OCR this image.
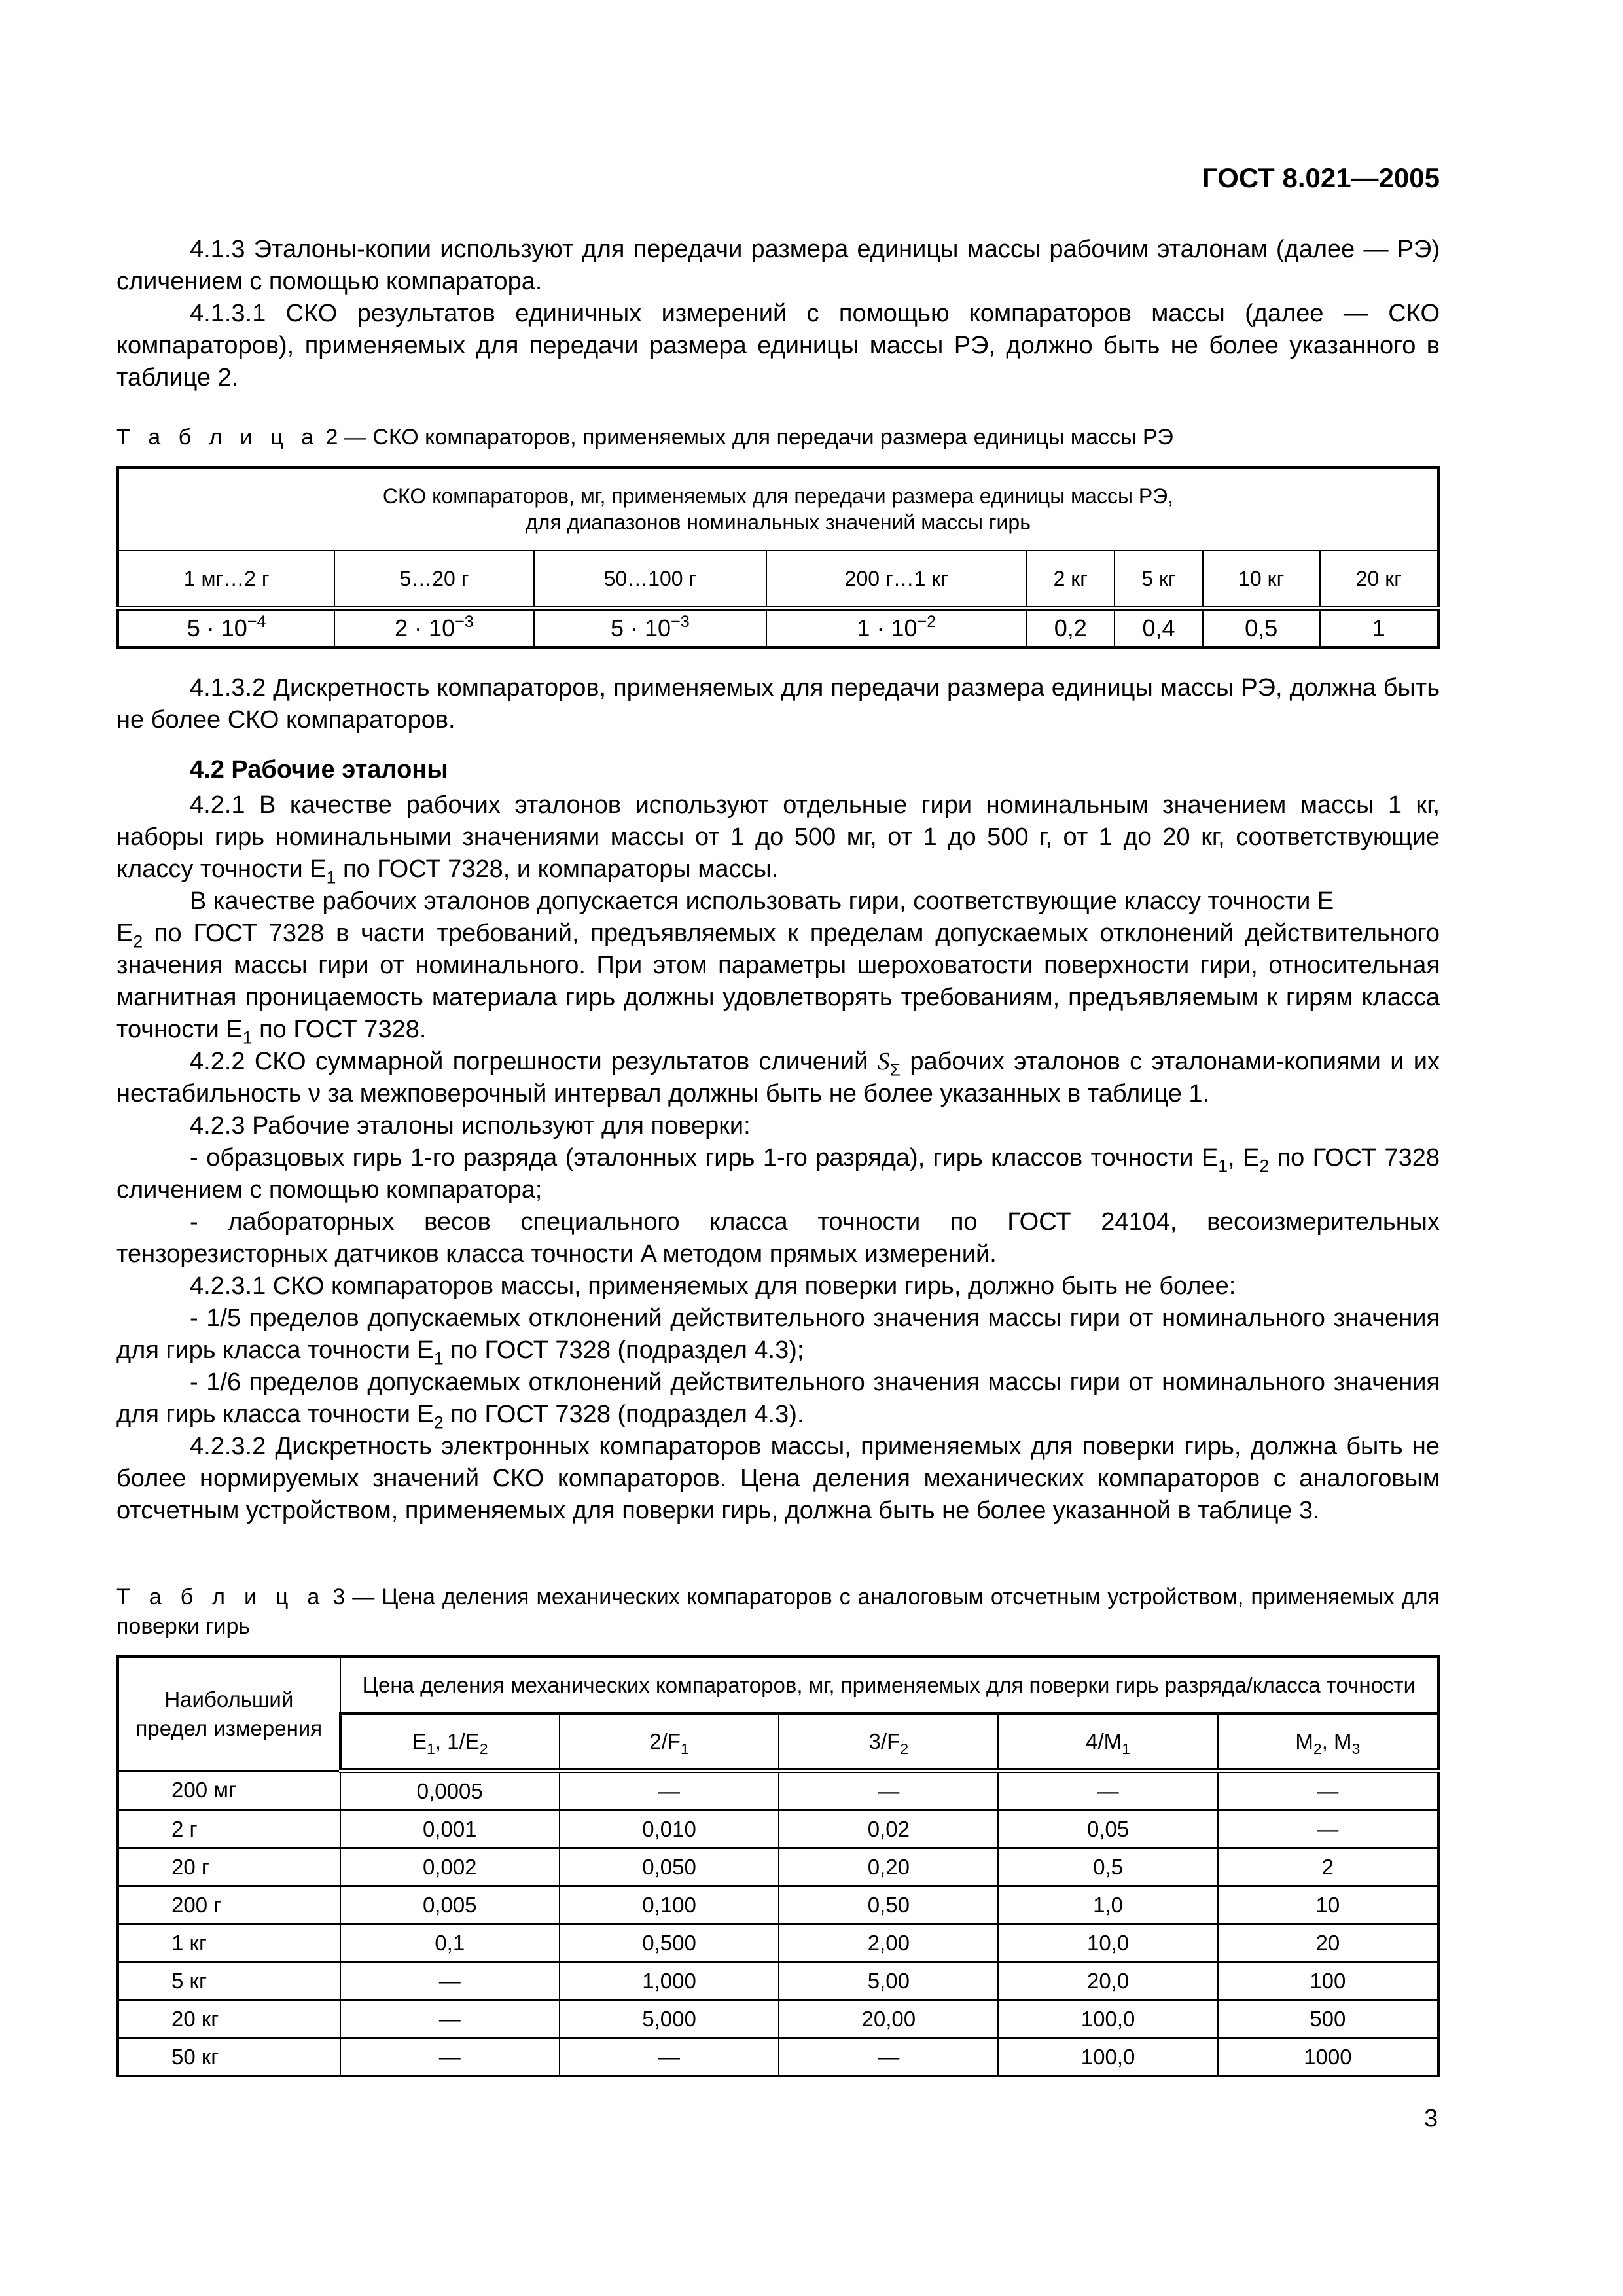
ГОСТ 8.021—2005

4.1.3 Эталоны-копии используют для передачи размера единицы массы рабочим эталонам (далее — РЭ) сличением с помощью компаратора.

4.1.3.1 СКО результатов единичных измерений с помощью компараторов массы (далее — СКО компараторов), применяемых для передачи размера единицы массы РЭ, должно быть не более указанного в таблице 2.

Т а б л и ц а 2 — СКО компараторов, применяемых для передачи размера единицы массы РЭ
СКО компараторов, мг, применяемых для передачи размера единицы массы РЭ,
для диапазонов номинальных значений массы гирь							

1 мг…2 г	5…20 г	50…100 г	200 г…1 кг	2 кг	5 кг	10 кг	20 кг
$5 \cdot 10^{-4}$	$2 \cdot 10^{-3}$	$5 \cdot 10^{-3}$	$1 \cdot 10^{-2}$	0,2	0,4	0,5	1

4.1.3.2 Дискретность компараторов, применяемых для передачи размера единицы массы РЭ, должна быть не более СКО компараторов.

4.2 Рабочие эталоны

4.2.1 В качестве рабочих эталонов используют отдельные гири номинальным значением массы 1 кг, наборы гирь номинальными значениями массы от 1 до 500 мг, от 1 до 500 г, от 1 до 20 кг, соответствующие классу точности $E_1$ по ГОСТ 7328, и компараторы массы.

В качестве рабочих эталонов допускается использовать гири, соответствующие классу точности E
$E_2$ по ГОСТ 7328 в части требований, предъявляемых к пределам допускаемых отклонений действительного значения массы гири от номинального. При этом параметры шероховатости поверхности гири, относительная магнитная проницаемость материала гирь должны удовлетворять требованиям, предъявляемым к гирям класса точности $E_1$ по ГОСТ 7328.

4.2.2 СКО суммарной погрешности результатов сличений $S_\Sigma$ рабочих эталонов с эталонами-копиями и их нестабильность ν за межповерочный интервал должны быть не более указанных в таблице 1.

4.2.3 Рабочие эталоны используют для поверки:

- образцовых гирь 1-го разряда (эталонных гирь 1-го разряда), гирь классов точности $E_1$, $E_2$ по ГОСТ 7328 сличением с помощью компаратора;

- лабораторных весов специального класса точности по ГОСТ 24104, весоизмерительных тензорезисторных датчиков класса точности A методом прямых измерений.

4.2.3.1 СКО компараторов массы, применяемых для поверки гирь, должно быть не более:

- 1/5 пределов допускаемых отклонений действительного значения массы гири от номинального значения для гирь класса точности $E_1$ по ГОСТ 7328 (подраздел 4.3);

- 1/6 пределов допускаемых отклонений действительного значения массы гири от номинального значения для гирь класса точности $E_2$ по ГОСТ 7328 (подраздел 4.3).

4.2.3.2 Дискретность электронных компараторов массы, применяемых для поверки гирь, должна быть не более нормируемых значений СКО компараторов. Цена деления механических компараторов с аналоговым отсчетным устройством, применяемых для поверки гирь, должна быть не более указанной в таблице 3.

Т а б л и ц а 3 — Цена деления механических компараторов с аналоговым отсчетным устройством, применяемых для поверки гирь
Наибольший
предел измерения	Цена деления механических компараторов, мг, применяемых для поверки гирь разряда/класса точности				
	$E_1$, $1/E_2$	$2/F_1$	$3/F_2$	$4/M_1$	$M_2$, $M_3$
200 мг	0,0005	—	—	—	—
2 г	0,001	0,010	0,02	0,05	—
20 г	0,002	0,050	0,20	0,5	2
200 г	0,005	0,100	0,50	1,0	10
1 кг	0,1	0,500	2,00	10,0	20
5 кг	—	1,000	5,00	20,0	100
20 кг	—	5,000	20,00	100,0	500
50 кг	—	—	—	100,0	1000
3
